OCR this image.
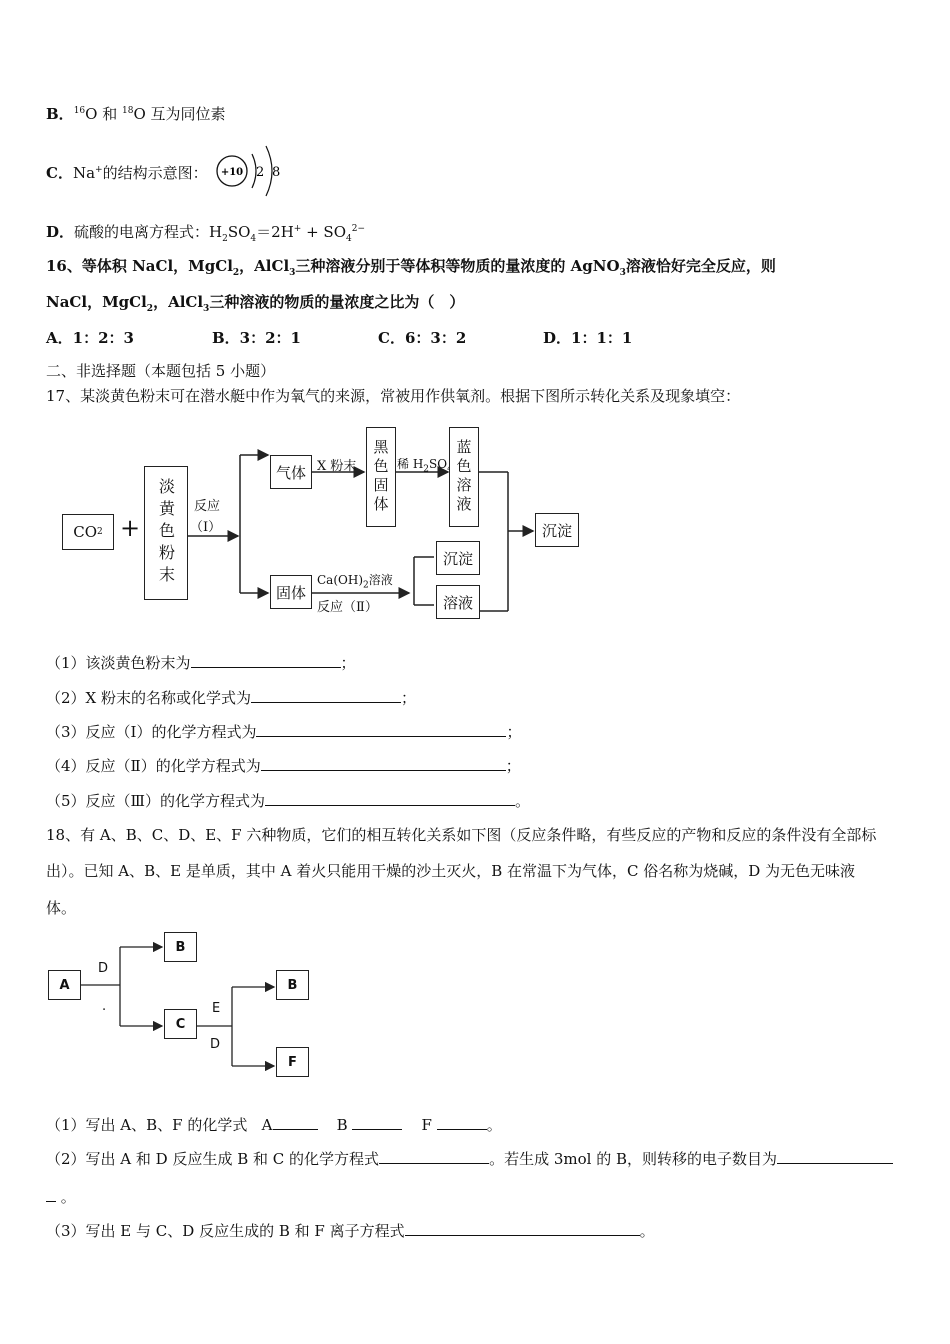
B．$^{16}$O 和 $^{18}$O 互为同位素
C．Na+的结构示意图： +10 2 8
D．硫酸的电离方程式：$H_2SO_4=2H^+ + SO_4^{2-}$
16、等体积 NaCl，MgCl$_2$，AlCl$_3$三种溶液分别于等体积等物质的量浓度的 AgNO$_3$溶液恰好完全反应，则
NaCl，MgCl$_2$，AlCl$_3$三种溶液的物质的量浓度之比为（　）
A．1：2：3	B．3：2：1	C．6：3：2	D．1：1：1
二、非选择题（本题包括 5 小题）
17、某淡黄色粉末可在潜水艇中作为氧气的来源，常被用作供氧剂。根据下图所示转化关系及现象填空：
CO 2 +	淡黄色粉末	反应
（Ⅰ）
气体 X 粉末	黑色固体 稀 $H_2SO$ 蓝色溶液
沉淀
固体
$Ca(OH)_2$溶液
反应（Ⅱ）
沉淀
溶液
（1）该淡黄色粉末为	；
（2）X 粉末的名称或化学式为	；
（3）反应（Ⅰ）的化学方程式为	；
（4）反应（Ⅱ）的化学方程式为	；
（5）反应（Ⅲ）的化学方程式为	。
18、有 A、B、C、D、E、F 六种物质，它们的相互转化关系如下图（反应条件略，有些反应的产物和反应的条件没有全部标
出）。已知 A、B、E 是单质，其中 A 着火只能用干燥的沙土灭火，B 在常温下为气体，C 俗名称为烧碱，D 为无色无味液
体。
A
B
C
B
F
D
.	E
D
（1）写出 A、B、F 的化学式 A	B	F	。
（2）写出 A 和 D 反应生成 B 和 C 的化学方程式	。若生成 3mol 的 B，则转移的电子数目为
。
（3）写出 E 与 C、D 反应生成的 B 和 F 离子方程式	。
